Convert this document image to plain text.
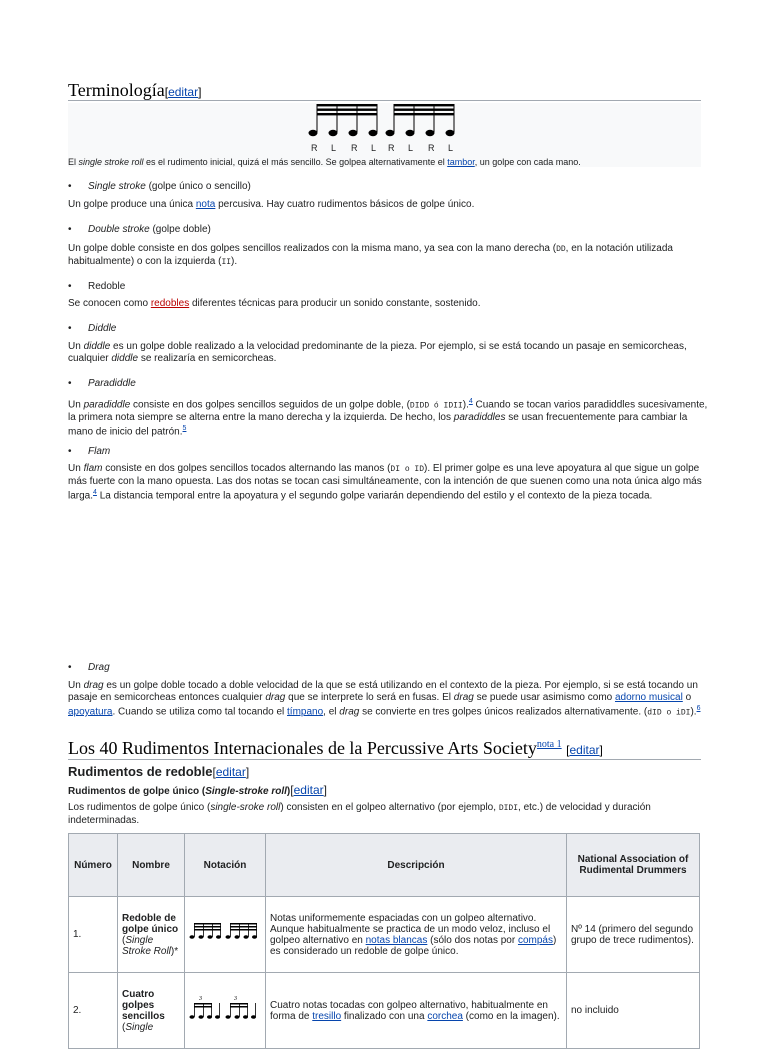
Terminología[editar]
R L R L R L R L
El single stroke roll es el rudimento inicial, quizá el más sencillo. Se golpea alternativamente el tambor, un golpe con cada mano.
• Single stroke (golpe único o sencillo)

Un golpe produce una única nota percusiva. Hay cuatro rudimentos básicos de golpe único.

• Double stroke (golpe doble)

Un golpe doble consiste en dos golpes sencillos realizados con la misma mano, ya sea con la mano derecha (DD, en la notación utilizada habitualmente) o con la izquierda (II).

• Redoble

Se conocen como redobles diferentes técnicas para producir un sonido constante, sostenido.

• Diddle

Un diddle es un golpe doble realizado a la velocidad predominante de la pieza. Por ejemplo, si se está tocando un pasaje en semicorcheas, cualquier diddle se realizaría en semicorcheas.

• Paradiddle

Un paradiddle consiste en dos golpes sencillos seguidos de un golpe doble, (DIDD ó IDII).$^4$ Cuando se tocan varios paradiddles sucesivamente, la primera nota siempre se alterna entre la mano derecha y la izquierda. De hecho, los paradiddles se usan frecuentemente para cambiar la mano de inicio del patrón.$^5$

• Flam

Un flam consiste en dos golpes sencillos tocados alternando las manos (DI o ID). El primer golpe es una leve apoyatura al que sigue un golpe más fuerte con la mano opuesta. Las dos notas se tocan casi simultáneamente, con la intención de que suenen como una nota única algo más larga.$^4$ La distancia temporal entre la apoyatura y el segundo golpe variarán dependiendo del estilo y el contexto de la pieza tocada.

• Drag

Un drag es un golpe doble tocado a doble velocidad de la que se está utilizando en el contexto de la pieza. Por ejemplo, si se está tocando un pasaje en semicorcheas entonces cualquier drag que se interprete lo será en fusas. El drag se puede usar asimismo como adorno musical o apoyatura. Cuando se utiliza como tal tocando el tímpano, el drag se convierte en tres golpes únicos realizados alternativamente. (dID o iDI).$^6$

Los 40 Rudimentos Internacionales de la Percussive Arts Society$^{nota 1}$ [editar]
Rudimentos de redoble[editar]
Rudimentos de golpe único (Single-stroke roll)[editar]

Los rudimentos de golpe único (single-sroke roll) consisten en el golpeo alternativo (por ejemplo, DIDI, etc.) de velocidad y duración indeterminadas.

Número	Nombre	Notación	Descripción	National Association of Rudimental Drummers
1.	Redoble de golpe único (Single Stroke Roll)*		Notas uniformemente espaciadas con un golpeo alternativo. Aunque habitualmente se practica de un modo veloz, incluso el golpeo alternativo en notas blancas (sólo dos notas por compás) es considerado un redoble de golpe único.	Nº 14 (primero del segundo grupo de trece rudimentos).
2.	Cuatro golpes sencillos (Single	3 3	Cuatro notas tocadas con golpeo alternativo, habitualmente en forma de tresillo finalizado con una corchea (como en la imagen).	no incluido
